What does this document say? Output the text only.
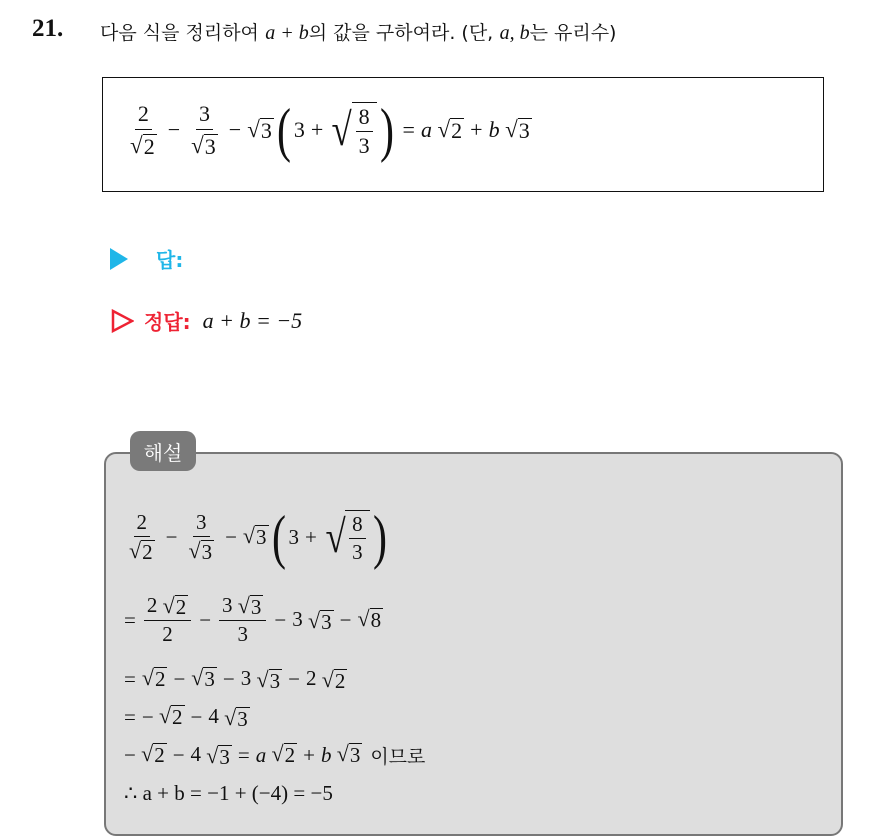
21. 다음 식을 정리하여 a + b의 값을 구하여라. (단, a, b는 유리수)
$\frac{2}{√ 2} - \frac{3}{√ 3}$ − √ 3 ( 3 + √ $\frac{8}{3}$ ) = a
√ 2 + b
√ 3
답:
정답: a + b = −5
해설
$\frac{2}{√ 2} - \frac{3}{√ 3}$ − √ 3 ( 3 + √ $\frac{8}{3}$ )
= $\frac{2 √ 2}{2} - \frac{3 √ 3}{3} - 3$ √ 3 − √ 8
= √ 2 − √ 3 − 3 √ 3 − 2 √ 2
= −
√ 2 − 4 √ 3
−
√ 2 − 4 √ 3 = a
√ 2 + b
√ 3 이므로
∴ a + b = −1 + (−4) = −5
